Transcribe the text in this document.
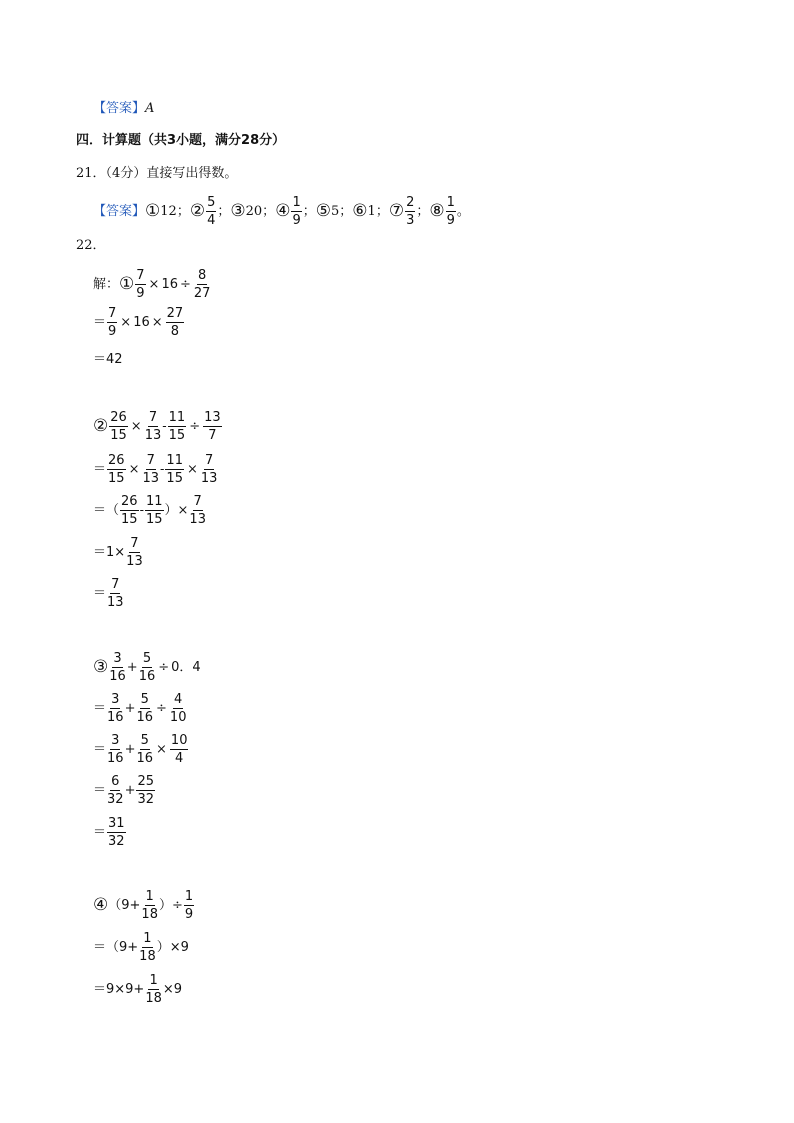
【答案】 A
四．计算题（共3小题，满分28分）
21．（4分）直接写出得数。
【答案】 ① 12 ； ② $\frac{5}{4}$ ； ③ 20 ； ④ $\frac{1}{9}$ ； ⑤ 5 ； ⑥ 1 ； ⑦ $\frac{2}{3}$ ； ⑧ $\frac{1}{9}$ 。
22．
解： ① $\frac{7}{9} \times 16 \div \frac{8}{27}$
＝ $\frac{7}{9} \times 16 \times \frac{27}{8}$
＝ 42
② $\frac{26}{15} \times \frac{7}{13} - \frac{11}{15} \div \frac{13}{7}$
＝ $\frac{26}{15} \times \frac{7}{13} - \frac{11}{15} \times \frac{7}{13}$
＝（ $\frac{26}{15} - \frac{11}{15}$ ）× $\frac{7}{13}$
$=1\times \frac{7}{13}$
＝ $\frac{7}{13}$
③ $\frac{3}{16} + \frac{5}{16} \div 0$．4
＝ $\frac{3}{16} + \frac{5}{16} \div \frac{4}{10}$
＝ $\frac{3}{16} + \frac{5}{16} \times \frac{10}{4}$
＝ $\frac{6}{32} + \frac{25}{32}$
＝ $\frac{31}{32}$
④ （$9+ \frac{1}{18}$ ）÷ $\frac{1}{9}$
$=(9+ \frac{1}{18} )\times 9$
$=9\times 9+ \frac{1}{18} \times 9$
